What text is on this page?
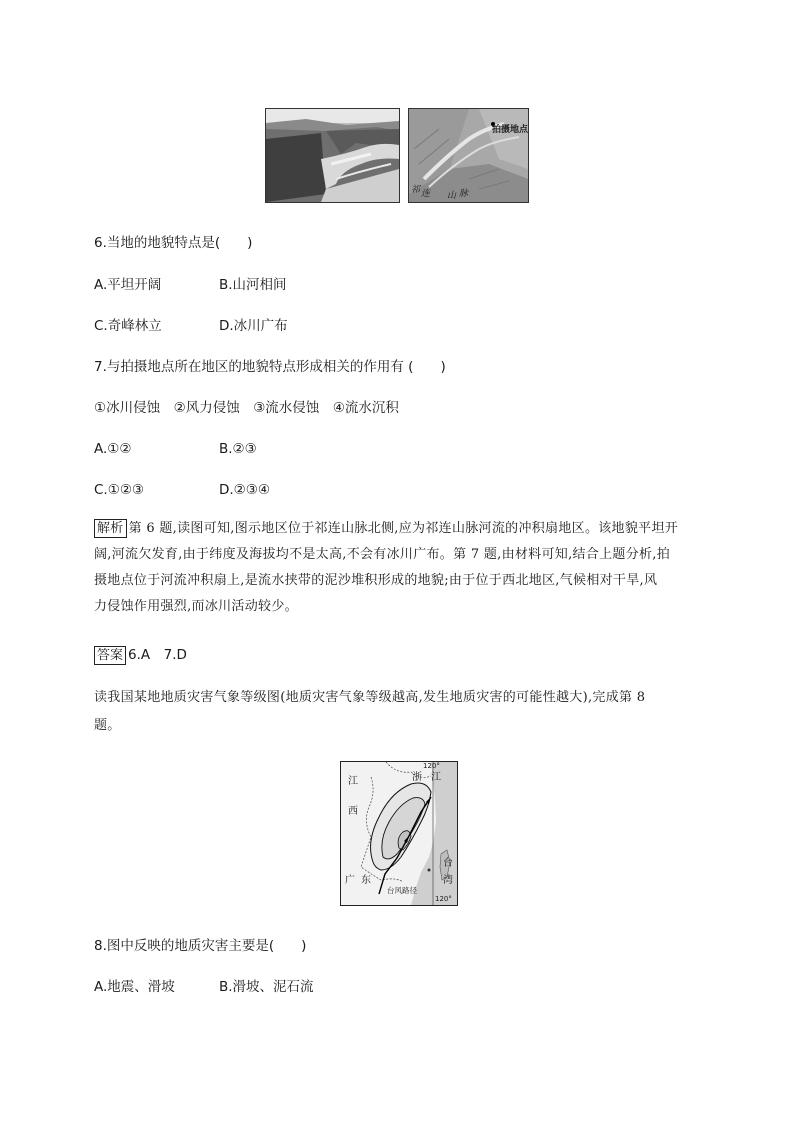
拍摄地点
祁 连 山 脉
6.当地的地貌特点是(　　)
A.平坦开阔	B.山河相间
C.奇峰林立	D.冰川广布
7.与拍摄地点所在地区的地貌特点形成相关的作用有 (　　)
①冰川侵蚀　②风力侵蚀　③流水侵蚀　④流水沉积
A.①②	B.②③
C.①②③	D.②③④
解析 第 6 题,读图可知,图示地区位于祁连山脉北侧,应为祁连山脉河流的冲积扇地区。该地貌平坦开
阔,河流欠发育,由于纬度及海拔均不是太高,不会有冰川广布。第 7 题,由材料可知,结合上题分析,拍
摄地点位于河流冲积扇上,是流水挟带的泥沙堆积形成的地貌;由于位于西北地区,气候相对干旱,风
力侵蚀作用强烈,而冰川活动较少。
答案 6.A　7.D
读我国某地地质灾害气象等级图(地质灾害气象等级越高,发生地质灾害的可能性越大),完成第 8
题。
江
西
浙 江
120°
广 东
台
湾
台风路径
120°
8.图中反映的地质灾害主要是(　　)
A.地震、滑坡	B.滑坡、泥石流
